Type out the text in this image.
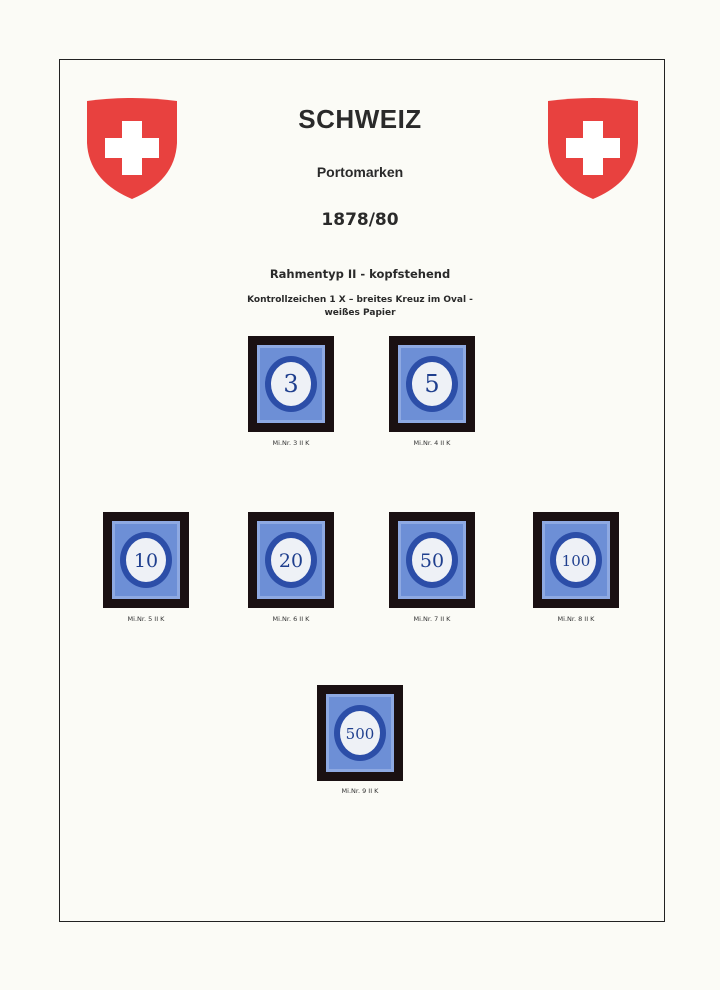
SCHWEIZ
Portomarken
1878/80
Rahmentyp II - kopfstehend
Kontrollzeichen 1 X – breites Kreuz im Oval -
weißes Papier
3
Mi.Nr. 3 II K
5
Mi.Nr. 4 II K
10
Mi.Nr. 5 II K
20
Mi.Nr. 6 II K
50
Mi.Nr. 7 II K
100
Mi.Nr. 8 II K
500
Mi.Nr. 9 II K
